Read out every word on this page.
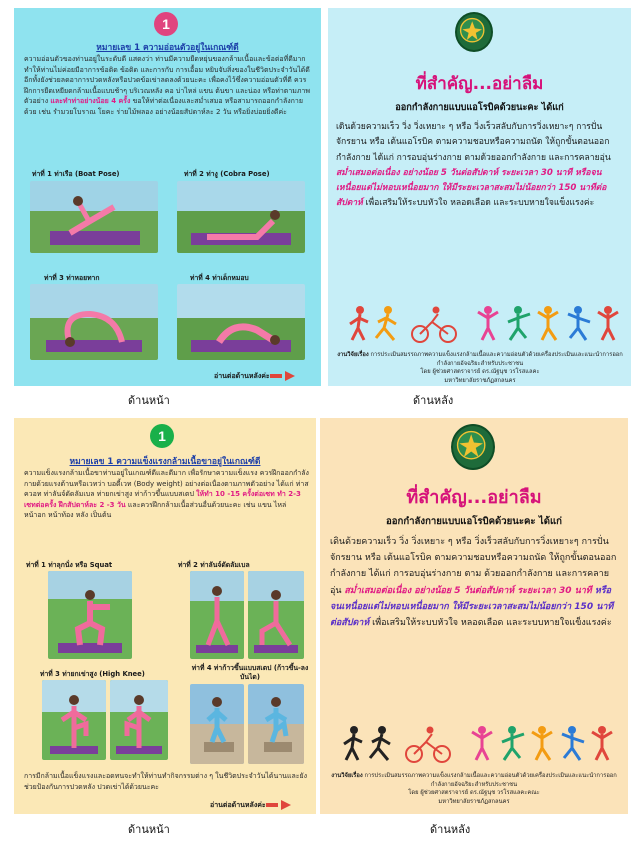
1
หมายเลข 1 ความอ่อนตัวอยู่ในเกณฑ์ดี
ความอ่อนตัวของท่านอยู่ในระดับดี แสดงว่า ท่านมีความยืดหยุ่นของกล้ามเนื้อและข้อต่อที่ดีมาก ทำให้ท่านไม่ค่อยมีอาการข้อติด ข้อติด และการกับ การเอื้อม หยิบจับสิ่งของในชีวิตประจำวันได้ดี อีกทั้งยังช่วยลดอาการปวดหลังหรือปวดข้อเข่าลดลงด้วยนะคะ เพื่อคงไว้ซึ่งความอ่อนตัวที่ดี ควรฝึกการยืดเหยียดกล้ามเนื้อแบบช้าๆ บริเวณหลัง คอ บ่าไหล่ แขน ต้นขา และน่อง หรือท่าตามภาพตัวอย่าง และทำท่าอย่างน้อย 4 ครั้ง ขอให้ท่าต่อเนื่องและสม่ำเสมอ หรือสามารถออกกำลังกายด้วย เช่น รำมวยโบราณ โยคะ ร่ายไม้พลอง อย่างน้อยสัปดาห์ละ 2 วัน หรือยิ่งบ่อยยิ่งดีค่ะ
ท่าที่ 1 ท่าเรือ (Boat Pose)	ท่าที่ 2 ท่างู (Cobra Pose)
ท่าที่ 3 ท่าหอยทาก	ท่าที่ 4 ท่าเด็กหมอบ
อ่านต่อด้านหลังค่ะ
ด้านหน้า
ที่สำคัญ...อย่าลืม
ออกกำลังกายแบบแอโรบิคด้วยนะคะ ได้แก่
เดินด้วยความเร็ว วิ่ง วิ่งเหยาะ ๆ หรือ วิ่งเร็วสลับกับการวิ่งเหยาะๆ การปั่นจักรยาน หรือ เต้นแอโรบิค ตามความชอบหรือความถนัด ให้ถูกขั้นตอนออกกำลังกาย ได้แก่ การอบอุ่นร่างกาย ตามด้วยออกกำลังกาย และการคลายอุ่น สม่ำเสมอต่อเนื่อง อย่างน้อย 5 วันต่อสัปดาห์ ระยะเวลา 30 นาที หรือจนเหนื่อยแต่ไม่หอบเหนื่อยมาก ให้มีระยะเวลาสะสมไม่น้อยกว่า 150 นาทีต่อสัปดาห์ เพื่อเสริมให้ระบบหัวใจ หลอดเลือด และระบบหายใจแข็งแรงค่ะ
งานวิจัยเรื่อง การประเมินสมรรถภาพความแข็งแรงกล้ามเนื้อและความอ่อนตัวด้วยเครื่องประเมินและแนะนำการออกกำลังกายอัจฉริยะสำหรับประชาชน
โดย ผู้ช่วยศาสตราจารย์ ดร.ณัฐนุช วรโรสแลคะ
มหาวิทยาลัยราชภัฏสกลนคร
ด้านหลัง
1
หมายเลข 1 ความแข็งแรงกล้ามเนื้อขาอยู่ในเกณฑ์ดี
ความแข็งแรงกล้ามเนื้อขาท่านอยู่ในเกณฑ์ดีและดีมาก เพื่อรักษาความแข็งแรง ควรฝึกออกกำลังกายด้วยแรงต้านหรือเวทว่า บอดี้เวท (Body weight) อย่างต่อเนื่องตามภาพตัวอย่าง ได้แก่ ท่าสควอท ท่าลันจ์ดัดลัมเบล ท่ายกเข่าสูง ท่าก้าวขึ้นแบบสเตป ให้ทำ 10 -15 ครั้งต่อเซท ทำ 2-3 เซทต่อครั้ง ฝึกสัปดาห์ละ 2 -3 วัน และควรฝึกกล้ามเนื้อส่วนอื่นด้วยนะคะ เช่น แขน ไหล่ หน้าอก หน้าท้อง หลัง เป็นต้น
ท่าที่ 1 ท่าลุกนั่ง หรือ Squat	ท่าที่ 2 ท่าลันจ์ดัดลัมเบล
ท่าที่ 3 ท่ายกเข่าสูง (High Knee)
ท่าที่ 4 ท่าก้าวขึ้นแบบสเตป (ก้าวขึ้น-ลงบันได)
การมีกล้ามเนื้อแข็งแรงและอดทนจะทำให้ท่านทำกิจกรรมต่าง ๆ ในชีวิตประจำวันได้นานและยังช่วยป้องกันการปวดหลัง ปวดเข่าได้ด้วยนะคะ
อ่านต่อด้านหลังค่ะ
ด้านหน้า
ที่สำคัญ...อย่าลืม
ออกกำลังกายแบบแอโรบิคด้วยนะคะ ได้แก่
เดินด้วยความเร็ว วิ่ง วิ่งเหยาะ ๆ หรือ วิ่งเร็วสลับกับการวิ่งเหยาะๆ การปั่นจักรยาน หรือ เต้นแอโรบิค ตามความชอบหรือความถนัด ให้ถูกขั้นตอนออกกำลังกาย ได้แก่ การอบอุ่นร่างกาย ตาม ด้วยออกกำลังกาย และการคลายอุ่น สม่ำเสมอต่อเนื่อง อย่างน้อย 5 วันต่อสัปดาห์ ระยะเวลา 30 นาที หรือจนเหนื่อยแต่ไม่หอบเหนื่อยมาก ให้มีระยะเวลาสะสมไม่น้อยกว่า 150 นาทีต่อสัปดาห์ เพื่อเสริมให้ระบบหัวใจ หลอดเลือด และระบบหายใจแข็งแรงค่ะ
งานวิจัยเรื่อง การประเมินสมรรถภาพความแข็งแรงกล้ามเนื้อและความอ่อนตัวด้วยเครื่องประเมินและแนะนำการออกกำลังกายอัจฉริยะสำหรับประชาชน
โดย ผู้ช่วยศาสตราจารย์ ดร.ณัฐนุช วรโรสแลคะคณะ
มหาวิทยาลัยราชภัฏสกลนคร
ด้านหลัง
